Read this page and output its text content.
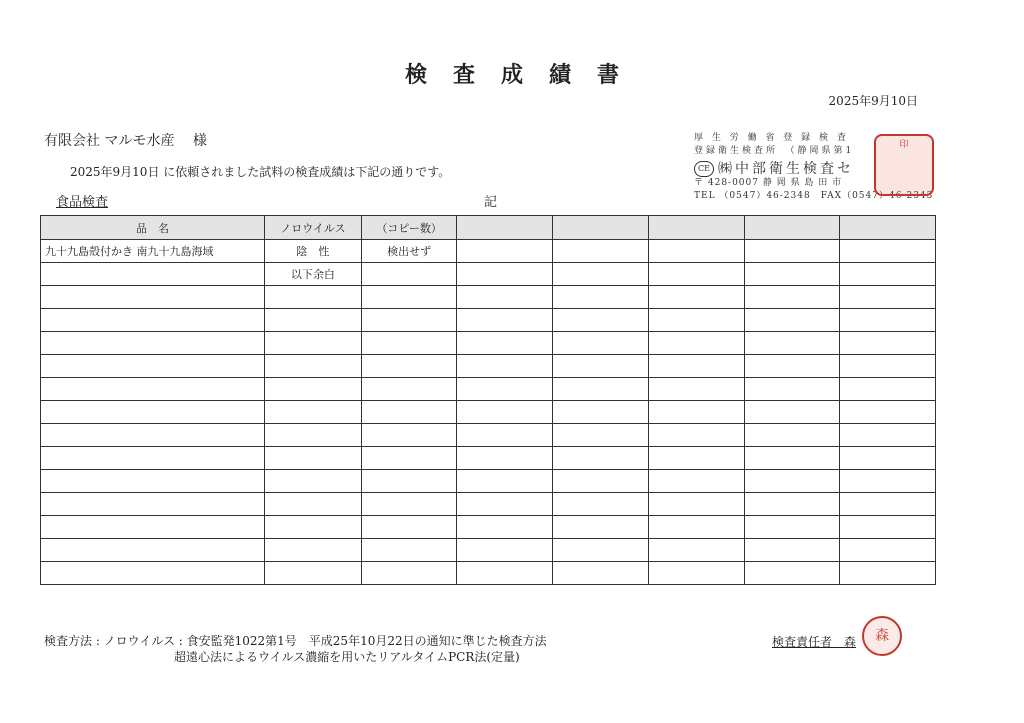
検査成績書
2025年9月10日
有限会社 マルモ水産　 様
2025年9月10日 に依頼されました試料の検査成績は下記の通りです。
食品検査	記
厚 生 労 働 省 登 録 検 査
登録衛生検査所　（静岡県第1
CE ㈱中部衛生検査セ
〒 428-0007 静 岡 県 島 田 市
TEL （0547）46-2348　FAX（0547）46-2343
印
品　名	ノロウイルス	（コピー数）					
九十九島殻付かき 南九十九島海域	陰　性	検出せず					
	以下余白						

検査方法 : ノロウイルス : 食安監発1022第1号　平成25年10月22日の通知に準じた検査方法
超遠心法によるウイルス濃縮を用いたリアルタイムPCR法(定量)
検査責任者　森	森
